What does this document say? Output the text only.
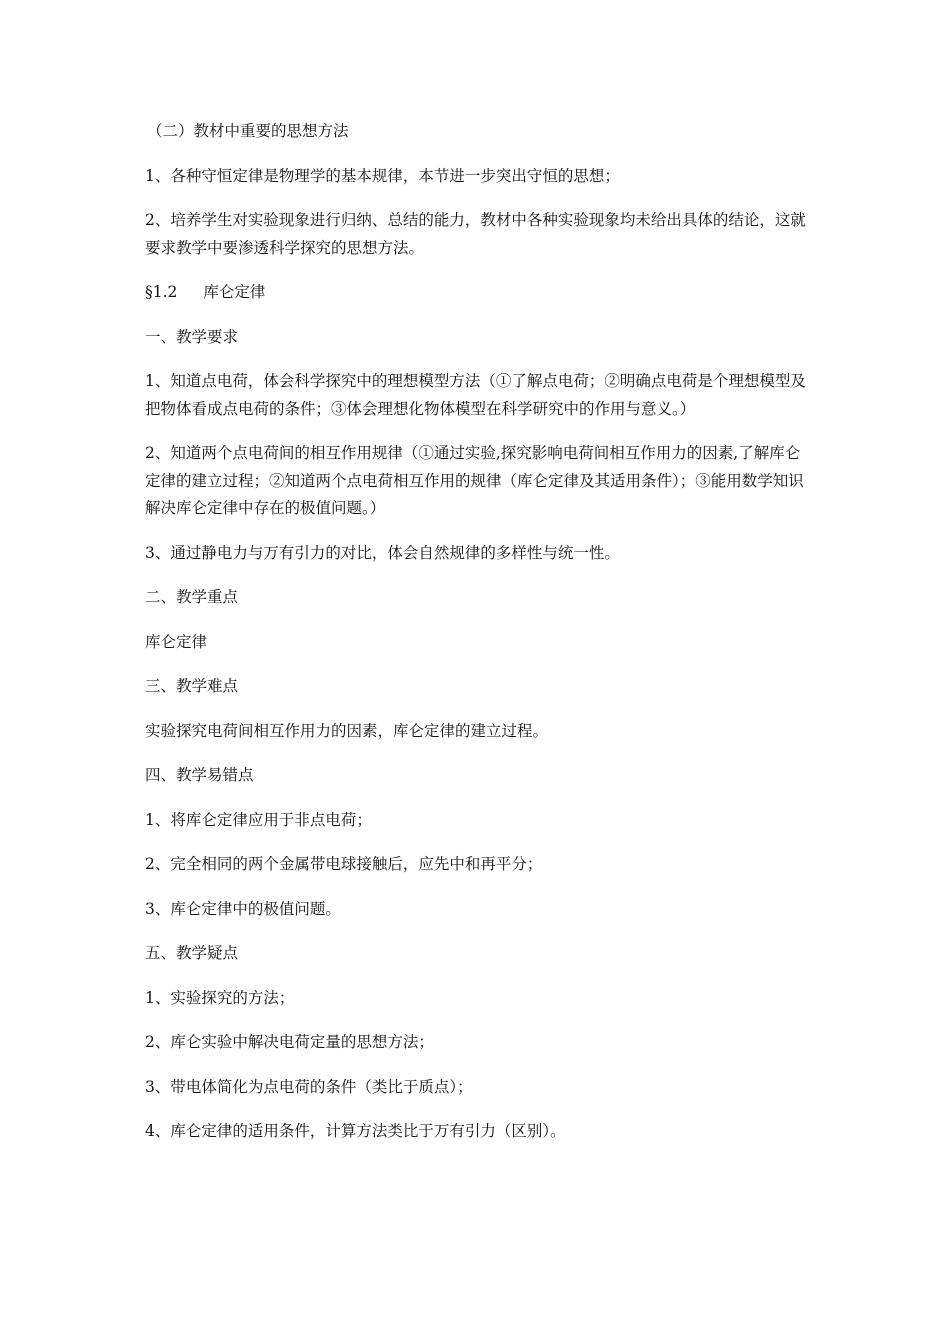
（二）教材中重要的思想方法

1、各种守恒定律是物理学的基本规律，本节进一步突出守恒的思想；

2、培养学生对实验现象进行归纳、总结的能力，教材中各种实验现象均未给出具体的结论，这就要求教学中要渗透科学探究的思想方法。

§1.2 库仑定律

一、教学要求

1、知道点电荷，体会科学探究中的理想模型方法（①了解点电荷；②明确点电荷是个理想模型及把物体看成点电荷的条件；③体会理想化物体模型在科学研究中的作用与意义。）

2、知道两个点电荷间的相互作用规律（①通过实验,探究影响电荷间相互作用力的因素,了解库仑定律的建立过程；②知道两个点电荷相互作用的规律（库仑定律及其适用条件）；③能用数学知识解决库仑定律中存在的极值问题。）

3、通过静电力与万有引力的对比，体会自然规律的多样性与统一性。

二、教学重点

库仑定律

三、教学难点

实验探究电荷间相互作用力的因素，库仑定律的建立过程。

四、教学易错点

1、将库仑定律应用于非点电荷；

2、完全相同的两个金属带电球接触后，应先中和再平分；

3、库仑定律中的极值问题。

五、教学疑点

1、实验探究的方法；

2、库仑实验中解决电荷定量的思想方法；

3、带电体简化为点电荷的条件（类比于质点）；

4、库仑定律的适用条件，计算方法类比于万有引力（区别）。
